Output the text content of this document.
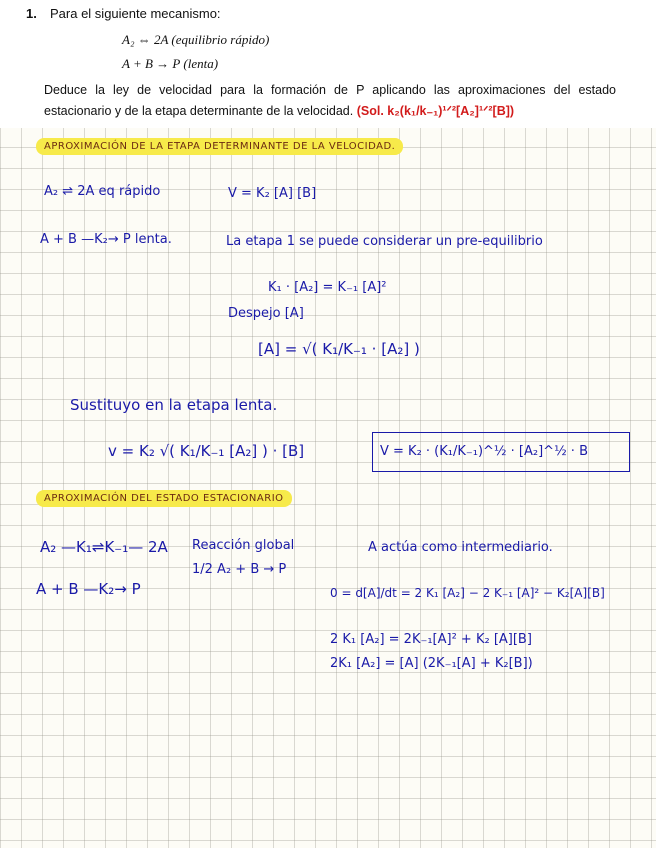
1. Para el siguiente mecanismo:
A₂ ⇔ 2A (equilibrio rápido)
A + B → P (lenta)
Deduce la ley de velocidad para la formación de P aplicando las aproximaciones del estado estacionario y de la etapa determinante de la velocidad. (Sol. k₂(k₁/k₋₁)¹ᐟ²[A₂]¹ᐟ²[B])
APROXIMACIÓN DE LA ETAPA DETERMINANTE DE LA VELOCIDAD.
A₂ ⇌ 2A eq rápido	V = K₂ [A] [B]
A + B —K₂→ P lenta.	La etapa 1 se puede considerar un pre-equilibrio
K₁ · [A₂] = K₋₁ [A]²
Despejo [A]
[A] = √( K₁/K₋₁ · [A₂] )
Sustituyo en la etapa lenta.
v = K₂ √( K₁/K₋₁ [A₂] ) · [B]	V = K₂ · (K₁/K₋₁)^½ · [A₂]^½ · B
APROXIMACIÓN DEL ESTADO ESTACIONARIO
A₂ —K₁⇌K₋₁— 2A Reacción global	A actúa como intermediario.
1/2 A₂ + B → P
A + B —K₂→ P	0 = d[A]/dt = 2 K₁ [A₂] − 2 K₋₁ [A]² − K₂[A][B]
2 K₁ [A₂] = 2K₋₁[A]² + K₂ [A][B]
2K₁ [A₂] = [A] (2K₋₁[A] + K₂[B])
